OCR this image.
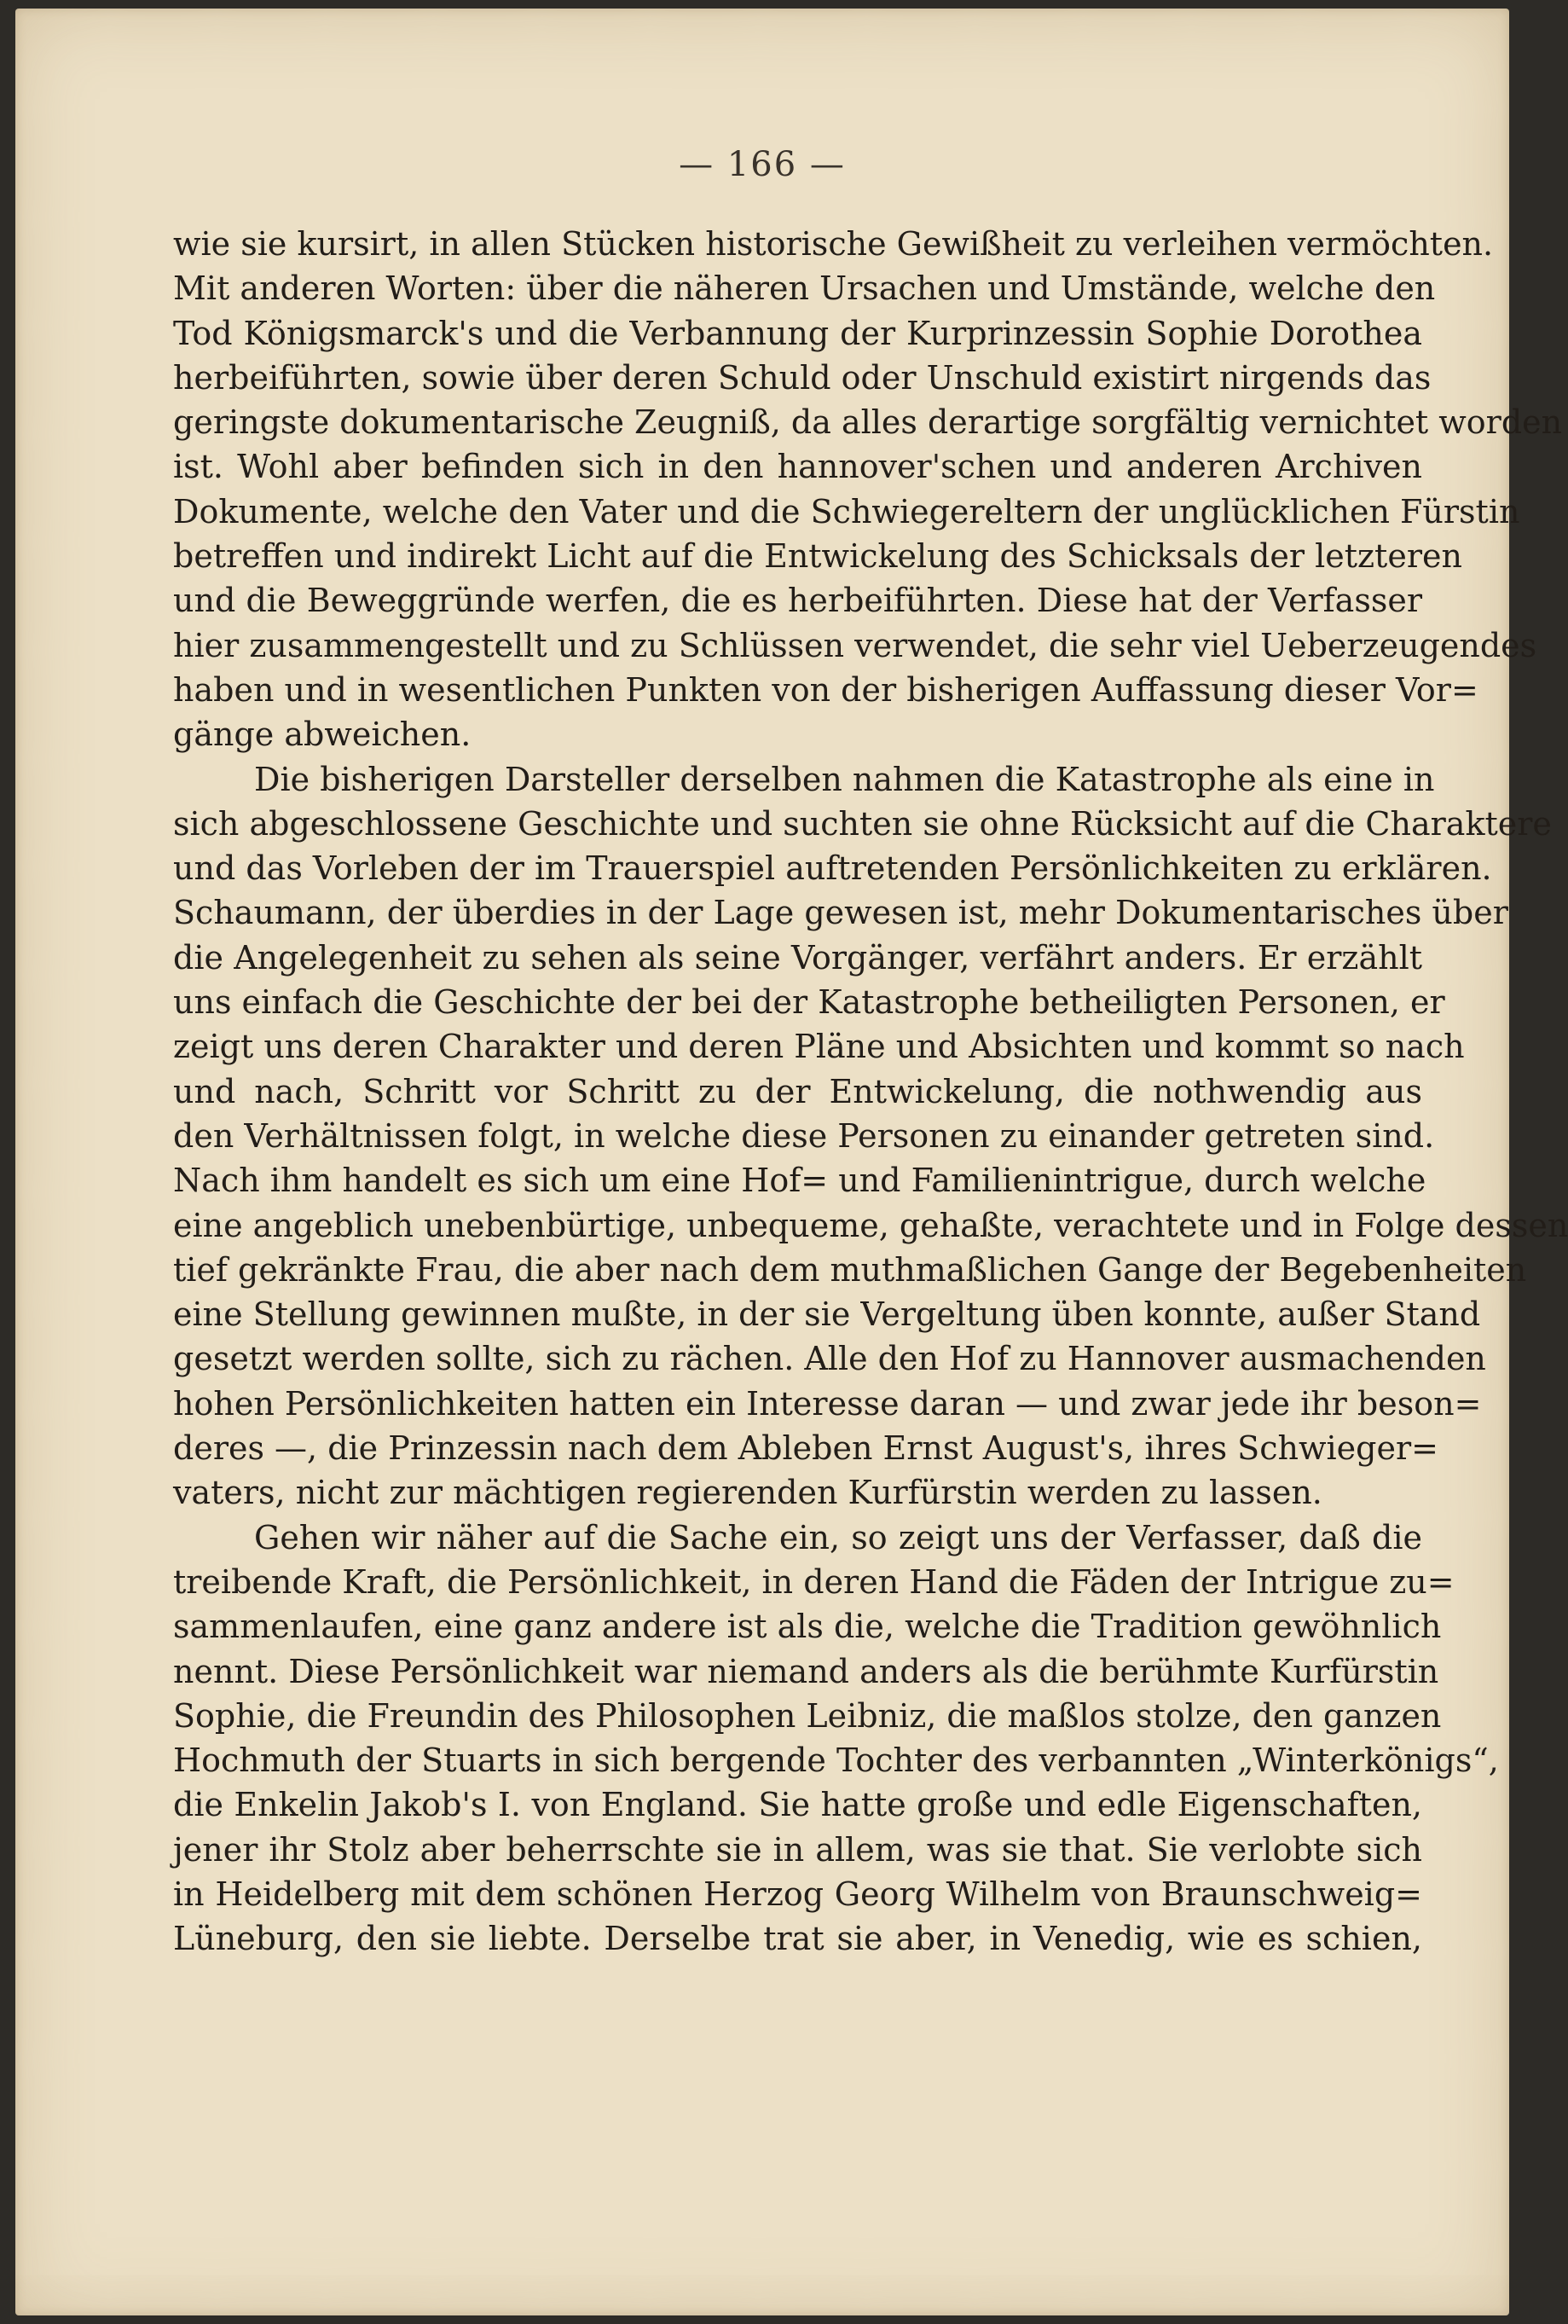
— 166 —
wie sie kursirt, in allen Stücken historische Gewißheit zu verleihen vermöchten.
Mit anderen Worten: über die näheren Ursachen und Umstände, welche den
Tod Königsmarck's und die Verbannung der Kurprinzessin Sophie Dorothea
herbeiführten, sowie über deren Schuld oder Unschuld existirt nirgends das
geringste dokumentarische Zeugniß, da alles derartige sorgfältig vernichtet worden
ist. Wohl aber befinden sich in den hannover'schen und anderen Archiven
Dokumente, welche den Vater und die Schwiegereltern der unglücklichen Fürstin
betreffen und indirekt Licht auf die Entwickelung des Schicksals der letzteren
und die Beweggründe werfen, die es herbeiführten. Diese hat der Verfasser
hier zusammengestellt und zu Schlüssen verwendet, die sehr viel Ueberzeugendes
haben und in wesentlichen Punkten von der bisherigen Auffassung dieser Vor=
gänge abweichen.
Die bisherigen Darsteller derselben nahmen die Katastrophe als eine in
sich abgeschlossene Geschichte und suchten sie ohne Rücksicht auf die Charaktere
und das Vorleben der im Trauerspiel auftretenden Persönlichkeiten zu erklären.
Schaumann, der überdies in der Lage gewesen ist, mehr Dokumentarisches über
die Angelegenheit zu sehen als seine Vorgänger, verfährt anders. Er erzählt
uns einfach die Geschichte der bei der Katastrophe betheiligten Personen, er
zeigt uns deren Charakter und deren Pläne und Absichten und kommt so nach
und nach, Schritt vor Schritt zu der Entwickelung, die nothwendig aus
den Verhältnissen folgt, in welche diese Personen zu einander getreten sind.
Nach ihm handelt es sich um eine Hof= und Familienintrigue, durch welche
eine angeblich unebenbürtige, unbequeme, gehaßte, verachtete und in Folge dessen
tief gekränkte Frau, die aber nach dem muthmaßlichen Gange der Begebenheiten
eine Stellung gewinnen mußte, in der sie Vergeltung üben konnte, außer Stand
gesetzt werden sollte, sich zu rächen. Alle den Hof zu Hannover ausmachenden
hohen Persönlichkeiten hatten ein Interesse daran — und zwar jede ihr beson=
deres —, die Prinzessin nach dem Ableben Ernst August's, ihres Schwieger=
vaters, nicht zur mächtigen regierenden Kurfürstin werden zu lassen.
Gehen wir näher auf die Sache ein, so zeigt uns der Verfasser, daß die
treibende Kraft, die Persönlichkeit, in deren Hand die Fäden der Intrigue zu=
sammenlaufen, eine ganz andere ist als die, welche die Tradition gewöhnlich
nennt. Diese Persönlichkeit war niemand anders als die berühmte Kurfürstin
Sophie, die Freundin des Philosophen Leibniz, die maßlos stolze, den ganzen
Hochmuth der Stuarts in sich bergende Tochter des verbannten „Winterkönigs“,
die Enkelin Jakob's I. von England. Sie hatte große und edle Eigenschaften,
jener ihr Stolz aber beherrschte sie in allem, was sie that. Sie verlobte sich
in Heidelberg mit dem schönen Herzog Georg Wilhelm von Braunschweig=
Lüneburg, den sie liebte. Derselbe trat sie aber, in Venedig, wie es schien,
